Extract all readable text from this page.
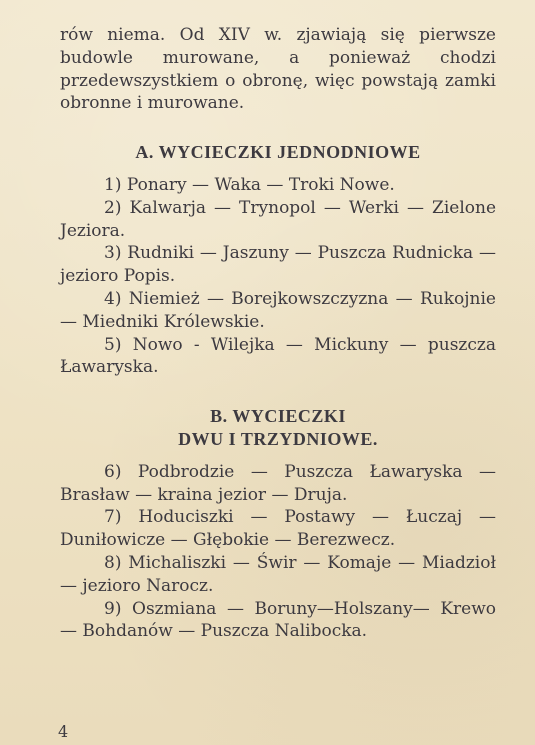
rów niema. Od XIV w. zjawiają się pierwsze budowle murowane, a ponieważ chodzi przedewszystkiem o obronę, więc powstają zamki obronne i murowane.

A. WYCIECZKI JEDNODNIOWE

1) Ponary — Waka — Troki Nowe.

2) Kalwarja — Trynopol — Werki — Zielone Jeziora.

3) Rudniki — Jaszuny — Puszcza Rudnicka — jezioro Popis.

4) Niemież — Borejkowszczyzna — Rukojnie — Miedniki Królewskie.

5) Nowo - Wilejka — Mickuny — puszcza Ławaryska.

B. WYCIECZKI

DWU I TRZYDNIOWE.

6) Podbrodzie — Puszcza Ławaryska — Brasław — kraina jezior — Druja.

7) Hoduciszki — Postawy — Łuczaj — Duniłowicze — Głębokie — Berezwecz.

8) Michaliszki — Świr — Komaje — Miadzioł — jezioro Narocz.

9) Oszmiana — Boruny—Holszany— Krewo — Bohdanów — Puszcza Nalibocka.

4
